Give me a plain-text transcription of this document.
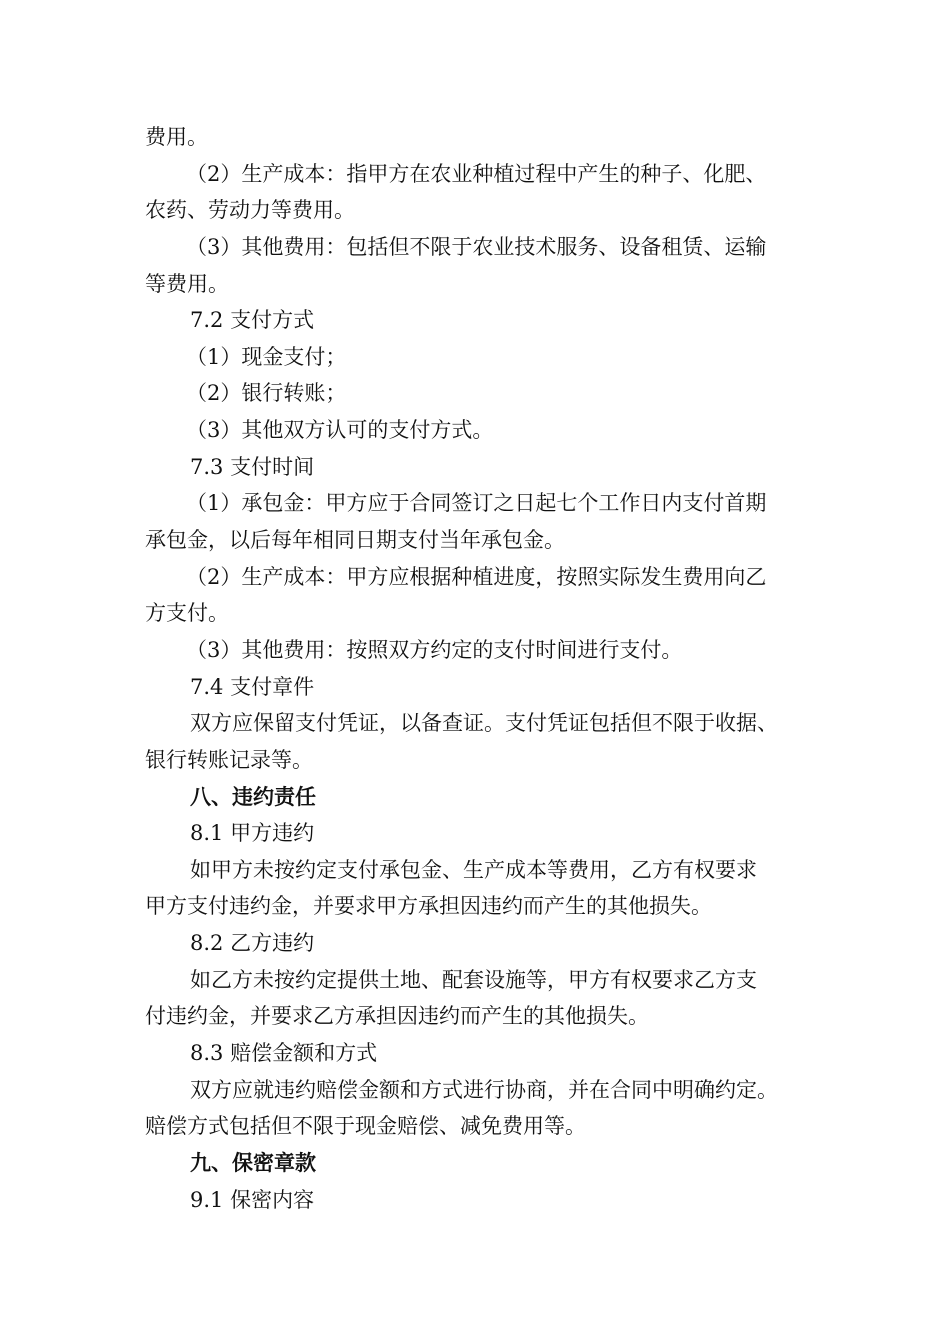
费用。
（2）生产成本：指甲方在农业种植过程中产生的种子、化肥、
农药、劳动力等费用。
（3）其他费用：包括但不限于农业技术服务、设备租赁、运输
等费用。
7.2 支付方式
（1）现金支付；
（2）银行转账；
（3）其他双方认可的支付方式。
7.3 支付时间
（1）承包金：甲方应于合同签订之日起七个工作日内支付首期
承包金，以后每年相同日期支付当年承包金。
（2）生产成本：甲方应根据种植进度，按照实际发生费用向乙
方支付。
（3）其他费用：按照双方约定的支付时间进行支付。
7.4 支付章件
双方应保留支付凭证，以备查证。支付凭证包括但不限于收据、
银行转账记录等。
八、违约责任
8.1 甲方违约
如甲方未按约定支付承包金、生产成本等费用，乙方有权要求
甲方支付违约金，并要求甲方承担因违约而产生的其他损失。
8.2 乙方违约
如乙方未按约定提供土地、配套设施等，甲方有权要求乙方支
付违约金，并要求乙方承担因违约而产生的其他损失。
8.3 赔偿金额和方式
双方应就违约赔偿金额和方式进行协商，并在合同中明确约定。
赔偿方式包括但不限于现金赔偿、减免费用等。
九、保密章款
9.1 保密内容
